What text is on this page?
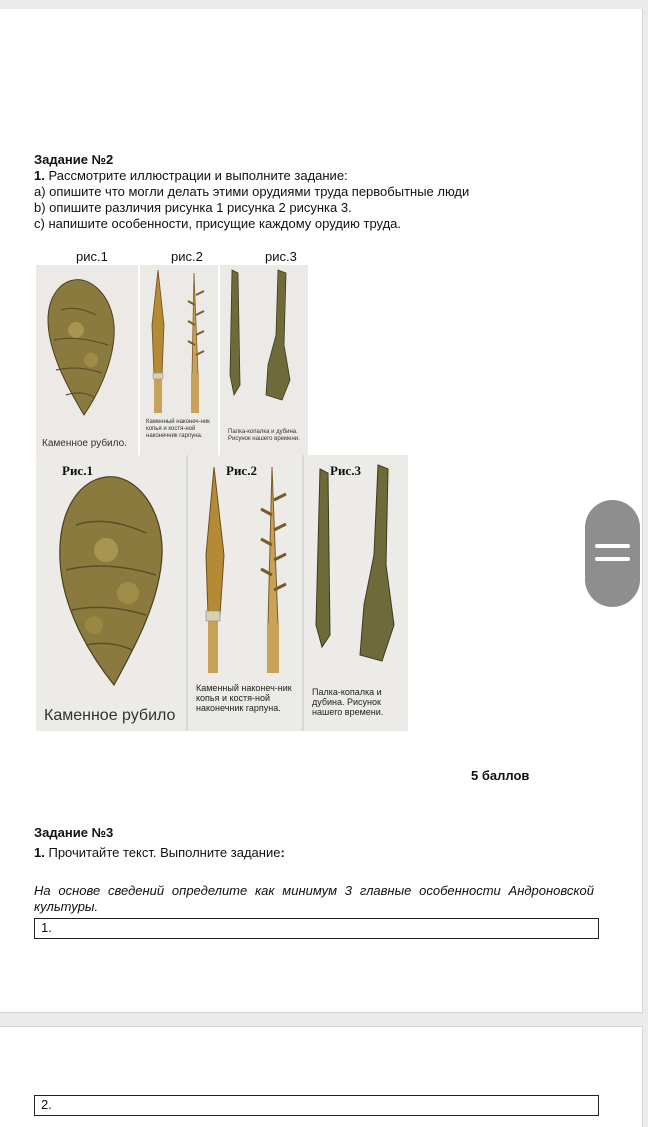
Задание №2
1. Рассмотрите иллюстрации и выполните задание:
a) опишите что могли делать этими орудиями труда первобытные люди
b) опишите различия рисунка 1 рисунка 2 рисунка 3.
c) напишите особенности, присущие каждому орудию труда.
рис.1	рис.2	рис.3
Каменное рубило.
Каменный наконеч-ник копья и костя-ной наконечник гарпуна.
Палка-копалка и дубина. Рисунок нашего времени.
Рис.1
Каменное рубило
Рис.2
Каменный наконеч-ник копья и костя-ной наконечник гарпуна.
Рис.3
Палка-копалка и дубина. Рисунок нашего времени.
5 баллов
Задание №3
1. Прочитайте текст. Выполните задание:
На основе сведений определите как минимум 3 главные особенности Андроновской культуры.
1.
2.
